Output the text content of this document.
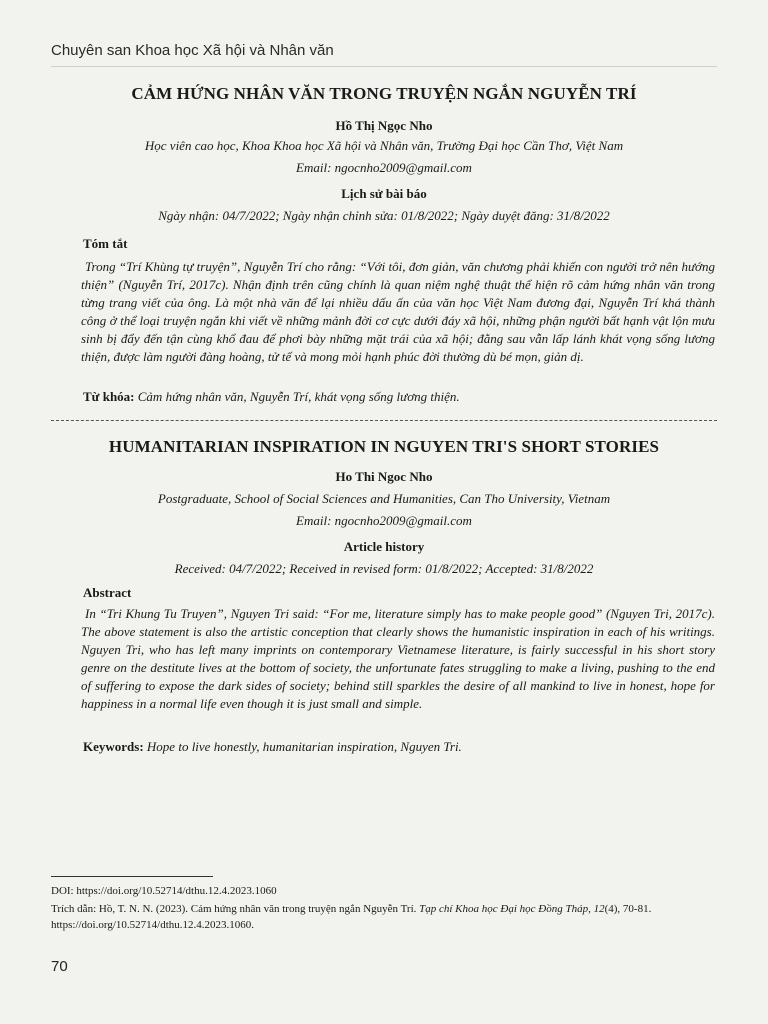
Chuyên san Khoa học Xã hội và Nhân văn
CẢM HỨNG NHÂN VĂN TRONG TRUYỆN NGẮN NGUYỄN TRÍ
Hồ Thị Ngọc Nho
Học viên cao học, Khoa Khoa học Xã hội và Nhân văn, Trường Đại học Cần Thơ, Việt Nam
Email: ngocnho2009@gmail.com
Lịch sử bài báo
Ngày nhận: 04/7/2022; Ngày nhận chỉnh sửa: 01/8/2022; Ngày duyệt đăng: 31/8/2022
Tóm tắt
Trong “Trí Khùng tự truyện”, Nguyễn Trí cho rằng: “Với tôi, đơn giản, văn chương phải khiến con người trở nên hướng thiện” (Nguyễn Trí, 2017c). Nhận định trên cũng chính là quan niệm nghệ thuật thể hiện rõ cảm hứng nhân văn trong từng trang viết của ông. Là một nhà văn để lại nhiều dấu ấn của văn học Việt Nam đương đại, Nguyễn Trí khá thành công ở thể loại truyện ngắn khi viết về những mảnh đời cơ cực dưới đáy xã hội, những phận người bất hạnh vật lộn mưu sinh bị đẩy đến tận cùng khổ đau để phơi bày những mặt trái của xã hội; đằng sau vẫn lấp lánh khát vọng sống lương thiện, được làm người đàng hoàng, tử tế và mong mỏi hạnh phúc đời thường dù bé mọn, giản dị.
Từ khóa: Cảm hứng nhân văn, Nguyễn Trí, khát vọng sống lương thiện.
HUMANITARIAN INSPIRATION IN NGUYEN TRI'S SHORT STORIES
Ho Thi Ngoc Nho
Postgraduate, School of Social Sciences and Humanities, Can Tho University, Vietnam
Email: ngocnho2009@gmail.com
Article history
Received: 04/7/2022; Received in revised form: 01/8/2022; Accepted: 31/8/2022
Abstract
In “Tri Khung Tu Truyen”, Nguyen Tri said: “For me, literature simply has to make people good” (Nguyen Tri, 2017c). The above statement is also the artistic conception that clearly shows the humanistic inspiration in each of his writings. Nguyen Tri, who has left many imprints on contemporary Vietnamese literature, is fairly successful in his short story genre on the destitute lives at the bottom of society, the unfortunate fates struggling to make a living, pushing to the end of suffering to expose the dark sides of society; behind still sparkles the desire of all mankind to live in honest, hope for happiness in a normal life even though it is just small and simple.
Keywords: Hope to live honestly, humanitarian inspiration, Nguyen Tri.
DOI: https://doi.org/10.52714/dthu.12.4.2023.1060
Trích dẫn: Hồ, T. N. N. (2023). Cảm hứng nhân văn trong truyện ngắn Nguyễn Trí. Tạp chí Khoa học Đại học Đồng Tháp, 12(4), 70-81. https://doi.org/10.52714/dthu.12.4.2023.1060.
70
